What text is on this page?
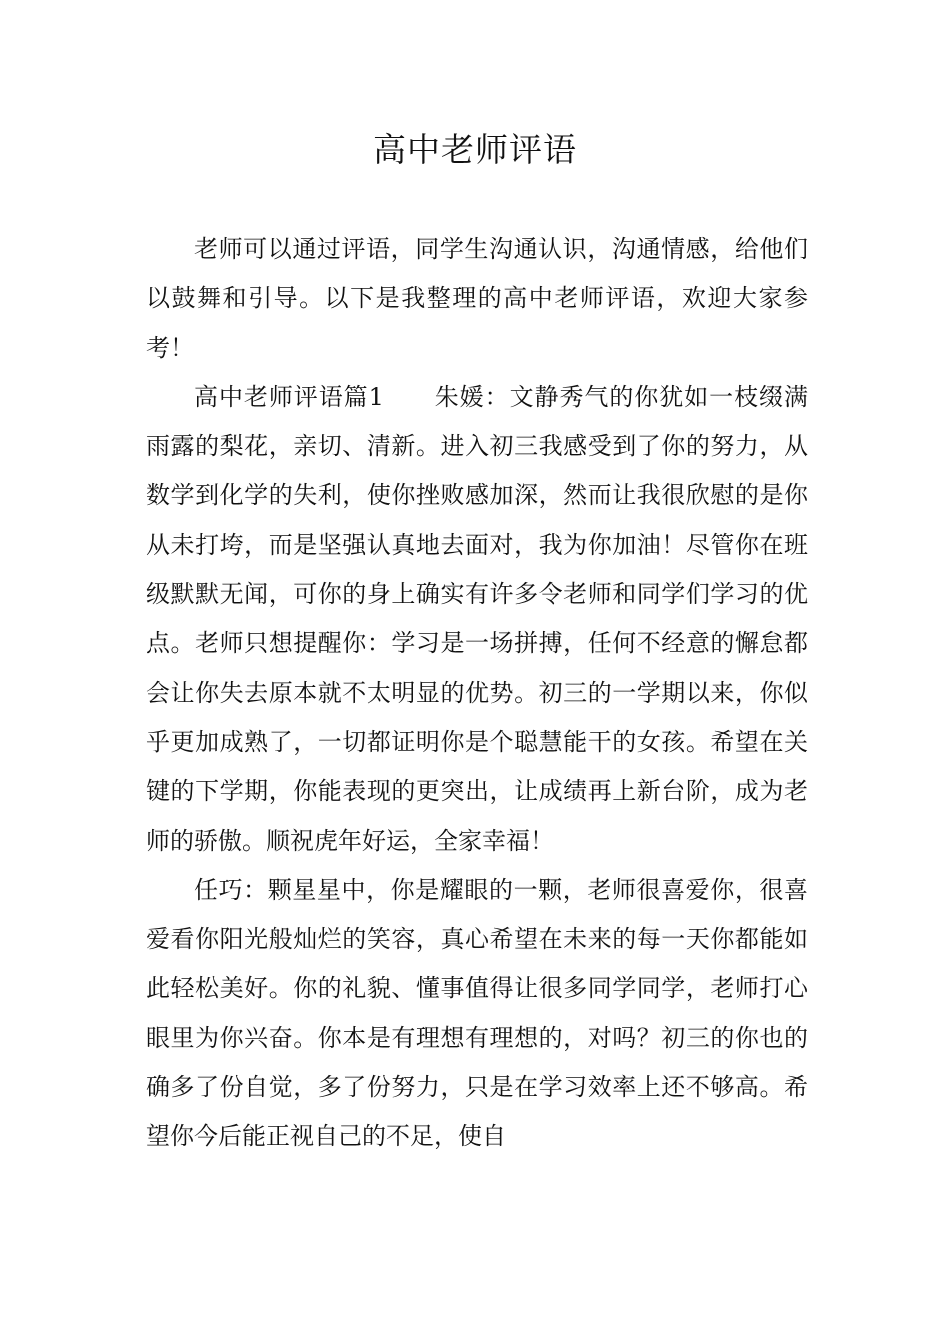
高中老师评语

老师可以通过评语，同学生沟通认识，沟通情感，给他们以鼓舞和引导。以下是我整理的高中老师评语，欢迎大家参考！

高中老师评语篇1　　朱媛：文静秀气的你犹如一枝缀满雨露的梨花，亲切、清新。进入初三我感受到了你的努力，从数学到化学的失利，使你挫败感加深，然而让我很欣慰的是你从未打垮，而是坚强认真地去面对，我为你加油！尽管你在班级默默无闻，可你的身上确实有许多令老师和同学们学习的优点。老师只想提醒你：学习是一场拼搏，任何不经意的懈怠都会让你失去原本就不太明显的优势。初三的一学期以来，你似乎更加成熟了，一切都证明你是个聪慧能干的女孩。希望在关键的下学期，你能表现的更突出，让成绩再上新台阶，成为老师的骄傲。顺祝虎年好运，全家幸福！

任巧：颗星星中，你是耀眼的一颗，老师很喜爱你，很喜爱看你阳光般灿烂的笑容，真心希望在未来的每一天你都能如此轻松美好。你的礼貌、懂事值得让很多同学同学，老师打心眼里为你兴奋。你本是有理想有理想的，对吗？初三的你也的确多了份自觉，多了份努力，只是在学习效率上还不够高。希望你今后能正视自己的不足，使自
